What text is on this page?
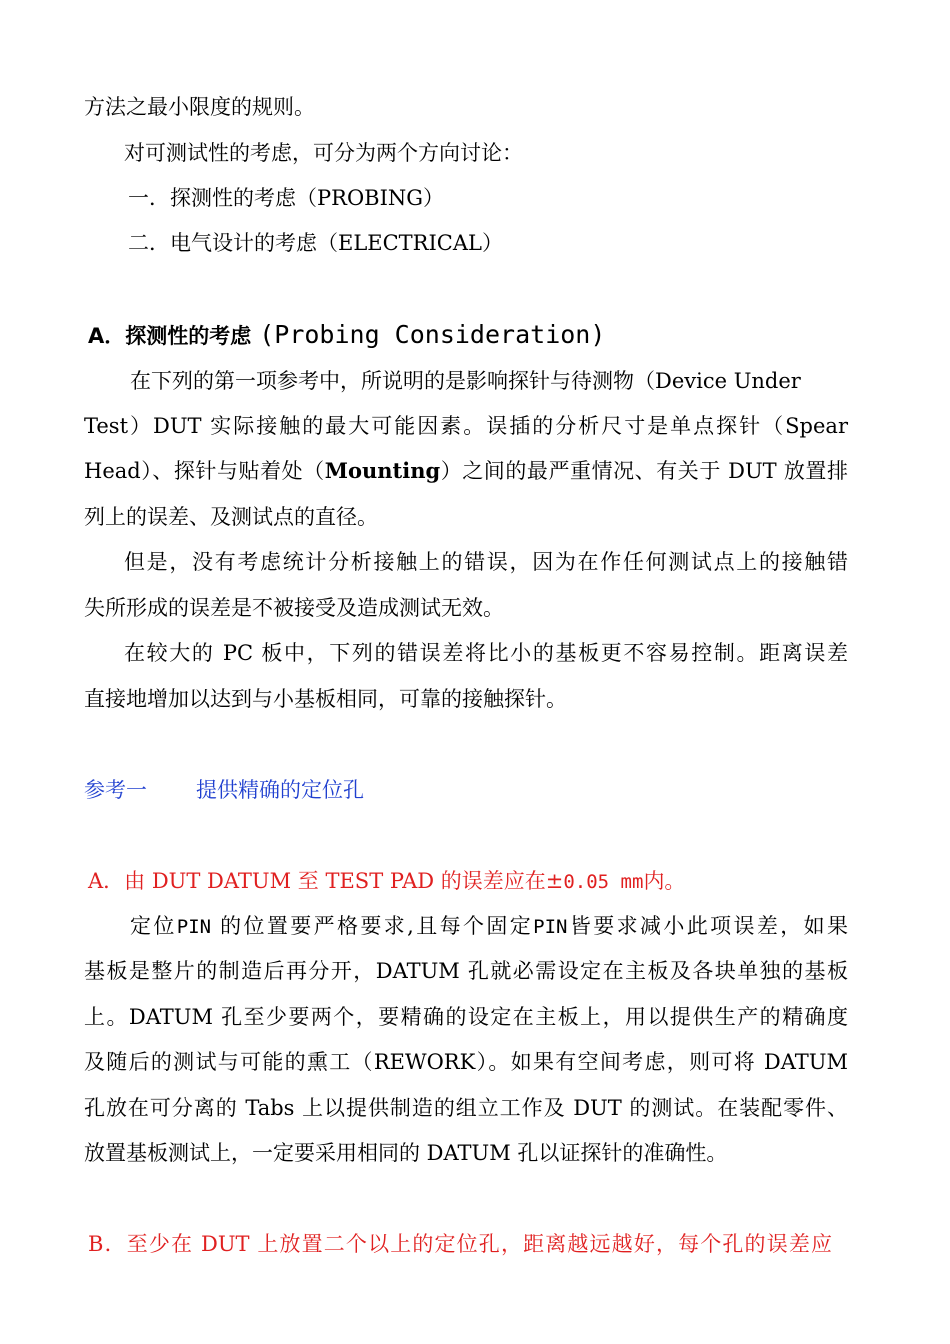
方法之最小限度的规则。
对可测试性的考虑，可分为两个方向讨论：
一．探测性的考虑（PROBING）
二．电气设计的考虑（ELECTRICAL）
A．探测性的考虑 (Probing Consideration)
在下列的第一项参考中，所说明的是影响探针与待测物（Device Under
Test）DUT 实际接触的最大可能因素。误插的分析尺寸是单点探针（Spear
Head）、探针与贴着处（Mounting）之间的最严重情况、有关于 DUT 放置排
列上的误差、及测试点的直径。
但是，没有考虑统计分析接触上的错误，因为在作任何测试点上的接触错
失所形成的误差是不被接受及造成测试无效。
在较大的 PC 板中，下列的错误差将比小的基板更不容易控制。距离误差
直接地增加以达到与小基板相同，可靠的接触探针。
参考一 提供精确的定位孔
A．由 DUT DATUM 至 TEST PAD 的误差应在±0.05 mm内。
定位PIN 的位置要严格要求,且每个固定PIN皆要求减小此项误差，如果
基板是整片的制造后再分开，DATUM 孔就必需设定在主板及各块单独的基板
上。DATUM 孔至少要两个，要精确的设定在主板上，用以提供生产的精确度
及随后的测试与可能的熏工（REWORK）。如果有空间考虑，则可将 DATUM
孔放在可分离的 Tabs 上以提供制造的组立工作及 DUT 的测试。在装配零件、
放置基板测试上，一定要采用相同的 DATUM 孔以证探针的准确性。
B．至少在 DUT 上放置二个以上的定位孔，距离越远越好，每个孔的误差应
